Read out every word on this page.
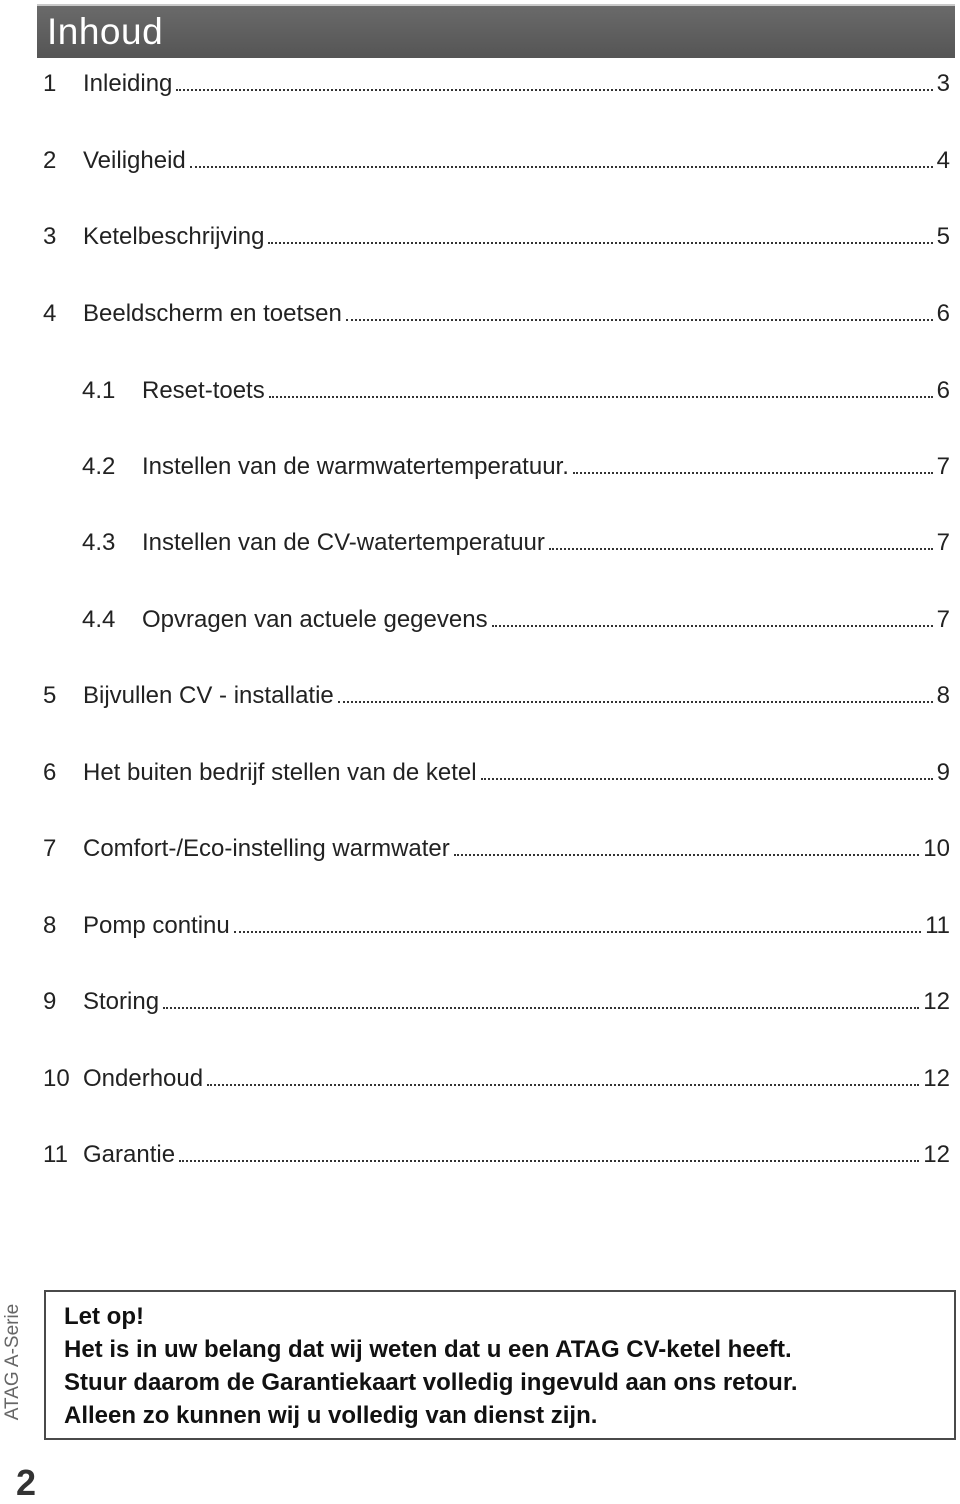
Inhoud
1	Inleiding	3
2	Veiligheid	4
3	Ketelbeschrijving	5
4	Beeldscherm en toetsen	6
4.1	Reset-toets	6
4.2	Instellen van de warmwatertemperatuur.	7
4.3	Instellen van de CV-watertemperatuur	7
4.4	Opvragen van actuele gegevens	7
5	Bijvullen CV - installatie	8
6	Het buiten bedrijf stellen van de ketel	9
7	Comfort-/Eco-instelling warmwater	10
8	Pomp continu	11
9	Storing	12
10 Onderhoud	12
11 Garantie	12
ATAG A-Serie
2
Let op!
Het is in uw belang dat wij weten dat u een ATAG CV-ketel heeft.
Stuur daarom de Garantiekaart volledig ingevuld aan ons retour.
Alleen zo kunnen wij u volledig van dienst zijn.
